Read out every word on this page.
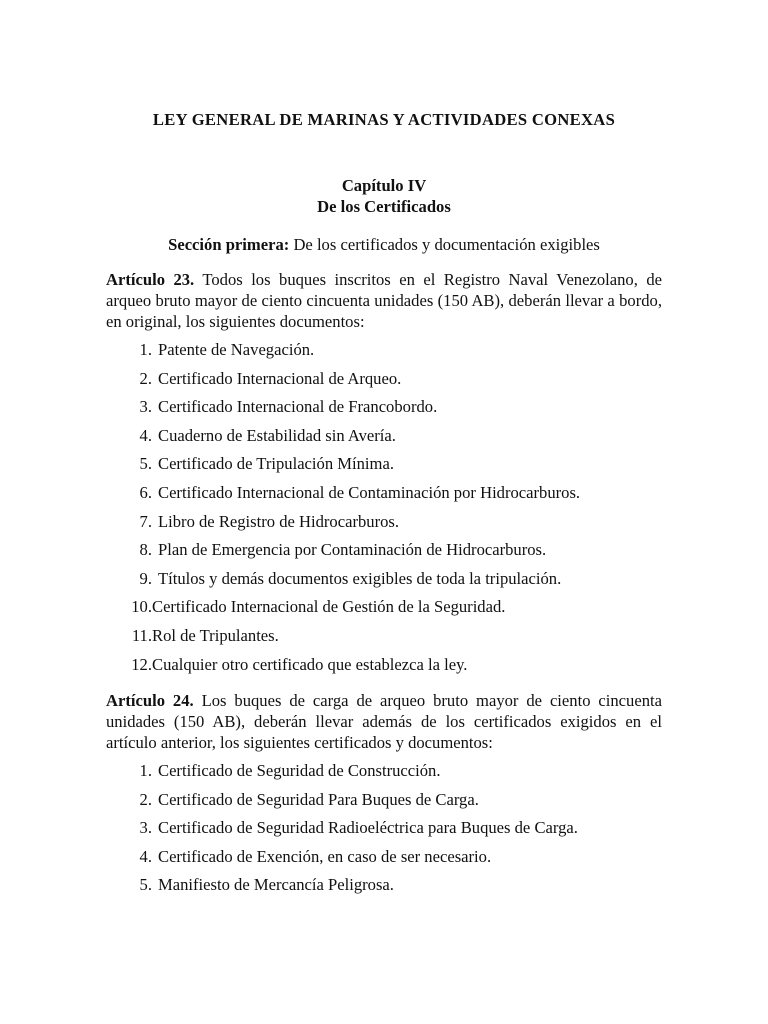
LEY GENERAL DE MARINAS Y ACTIVIDADES CONEXAS
Capítulo IV
De los Certificados
Sección primera: De los certificados y documentación exigibles

Artículo 23. Todos los buques inscritos en el Registro Naval Venezolano, de arqueo bruto mayor de ciento cincuenta unidades (150 AB), deberán llevar a bordo, en original, los siguientes documentos:

1. Patente de Navegación.
2. Certificado Internacional de Arqueo.
3. Certificado Internacional de Francobordo.
4. Cuaderno de Estabilidad sin Avería.
5. Certificado de Tripulación Mínima.
6. Certificado Internacional de Contaminación por Hidrocarburos.
7. Libro de Registro de Hidrocarburos.
8. Plan de Emergencia por Contaminación de Hidrocarburos.
9. Títulos y demás documentos exigibles de toda la tripulación.
10. Certificado Internacional de Gestión de la Seguridad.
11. Rol de Tripulantes.
12. Cualquier otro certificado que establezca la ley.

Artículo 24. Los buques de carga de arqueo bruto mayor de ciento cincuenta unidades (150 AB), deberán llevar además de los certificados exigidos en el artículo anterior, los siguientes certificados y documentos:

1. Certificado de Seguridad de Construcción.
2. Certificado de Seguridad Para Buques de Carga.
3. Certificado de Seguridad Radioeléctrica para Buques de Carga.
4. Certificado de Exención, en caso de ser necesario.
5. Manifiesto de Mercancía Peligrosa.
